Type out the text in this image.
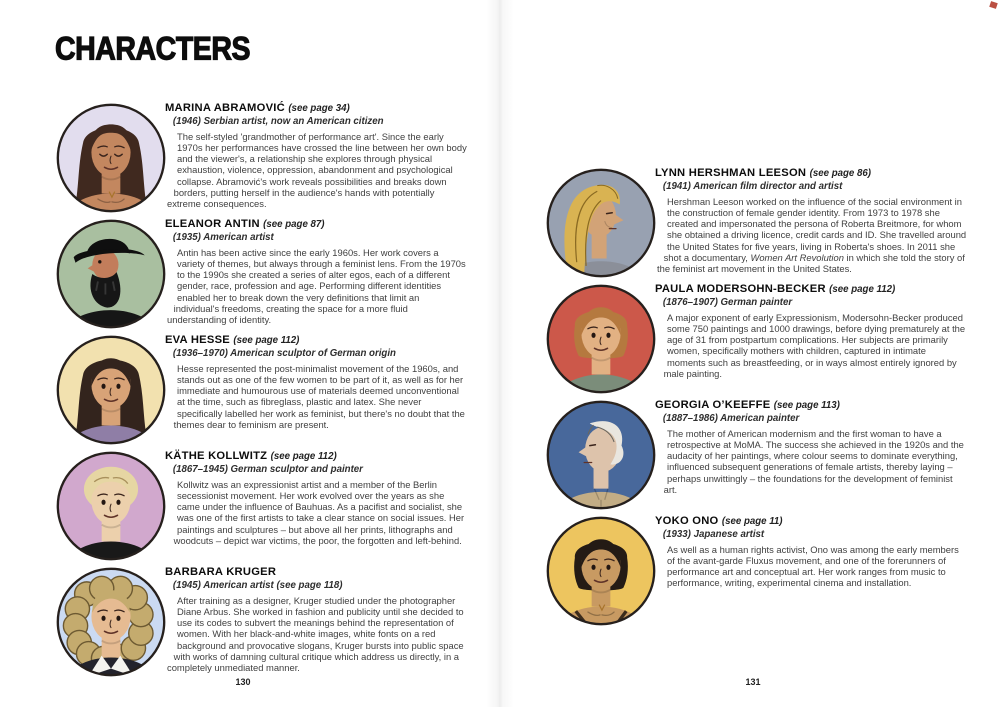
CHARACTERS
MARINA ABRAMOVIĆ (see page 34)

(1946) Serbian artist, now an American citizen

The self-styled 'grandmother of performance art'. Since the early 1970s her performances have crossed the line between her own body and the viewer's, a relationship she explores through physical exhaustion, violence, oppression, abandonment and psychological collapse. Abramović's work reveals possibilities and breaks down borders, putting herself in the audience's hands with potentially extreme consequences.

ELEANOR ANTIN (see page 87)

(1935) American artist

Antin has been active since the early 1960s. Her work covers a variety of themes, but always through a feminist lens. From the 1970s to the 1990s she created a series of alter egos, each of a different gender, race, profession and age. Performing different identities enabled her to break down the very definitions that limit an individual's freedoms, creating the space for a more fluid understanding of identity.

EVA HESSE (see page 112)

(1936–1970) American sculptor of German origin

Hesse represented the post-minimalist movement of the 1960s, and stands out as one of the few women to be part of it, as well as for her immediate and humourous use of materials deemed unconventional at the time, such as fibreglass, plastic and latex. She never specifically labelled her work as feminist, but there's no doubt that the themes dear to feminism are present.

KÄTHE KOLLWITZ (see page 112)

(1867–1945) German sculptor and painter

Kollwitz was an expressionist artist and a member of the Berlin secessionist movement. Her work evolved over the years as she came under the influence of Bauhuas. As a pacifist and socialist, she was one of the first artists to take a clear stance on social issues. Her paintings and sculptures – but above all her prints, lithographs and woodcuts – depict war victims, the poor, the forgotten and left-behind.

BARBARA KRUGER

(1945) American artist (see page 118)

After training as a designer, Kruger studied under the photographer Diane Arbus. She worked in fashion and publicity until she decided to use its codes to subvert the meanings behind the representation of women. With her black-and-white images, white fonts on a red background and provocative slogans, Kruger bursts into public space with works of damning cultural critique which address us directly, in a completely unmediated manner.

LYNN HERSHMAN LEESON (see page 86)

(1941) American film director and artist

Hershman Leeson worked on the influence of the social environment in the construction of female gender identity. From 1973 to 1978 she created and impersonated the persona of Roberta Breitmore, for whom she obtained a driving licence, credit cards and ID. She travelled around the United States for five years, living in Roberta's shoes. In 2011 she shot a documentary, Women Art Revolution in which she told the story of the feminist art movement in the United States.

PAULA MODERSOHN-BECKER (see page 112)

(1876–1907) German painter

A major exponent of early Expressionism, Modersohn-Becker produced some 750 paintings and 1000 drawings, before dying prematurely at the age of 31 from postpartum complications. Her subjects are primarily women, specifically mothers with children, captured in intimate moments such as breastfeeding, or in ways almost entirely ignored by male painting.

GEORGIA O’KEEFFE (see page 113)

(1887–1986) American painter

The mother of American modernism and the first woman to have a retrospective at MoMA. The success she achieved in the 1920s and the audacity of her paintings, where colour seems to dominate everything, influenced subsequent generations of female artists, thereby laying – perhaps unwittingly – the foundations for the development of feminist art.

YOKO ONO (see page 11)

(1933) Japanese artist

As well as a human rights activist, Ono was among the early members of the avant-garde Fluxus movement, and one of the forerunners of performance art and conceptual art. Her work ranges from music to performance, writing, experimental cinema and installation.

130	131
